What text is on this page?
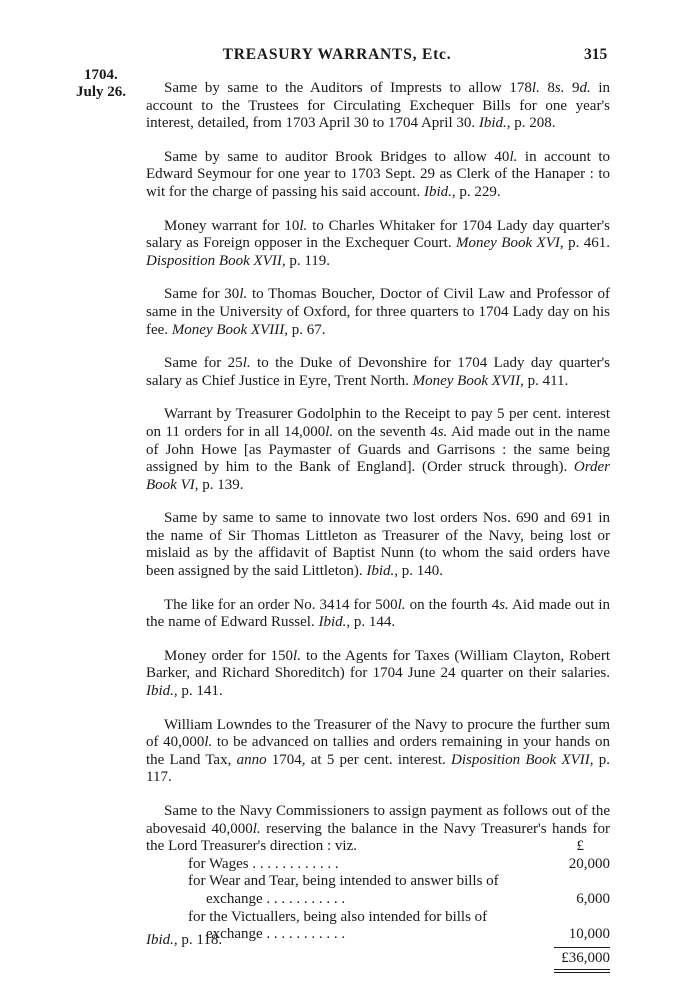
TREASURY WARRANTS, Etc.	315
1704.
July 26.	Same by same to the Auditors of Imprests to allow 178l. 8s. 9d. in account to the Trustees for Circulating Exchequer Bills for one year's interest, detailed, from 1703 April 30 to 1704 April 30. Ibid., p. 208.

Same by same to auditor Brook Bridges to allow 40l. in account to Edward Seymour for one year to 1703 Sept. 29 as Clerk of the Hanaper : to wit for the charge of passing his said account. Ibid., p. 229.

Money warrant for 10l. to Charles Whitaker for 1704 Lady day quarter's salary as Foreign opposer in the Exchequer Court. Money Book XVI, p. 461. Disposition Book XVII, p. 119.

Same for 30l. to Thomas Boucher, Doctor of Civil Law and Professor of same in the University of Oxford, for three quarters to 1704 Lady day on his fee. Money Book XVIII, p. 67.

Same for 25l. to the Duke of Devonshire for 1704 Lady day quarter's salary as Chief Justice in Eyre, Trent North. Money Book XVII, p. 411.

Warrant by Treasurer Godolphin to the Receipt to pay 5 per cent. interest on 11 orders for in all 14,000l. on the seventh 4s. Aid made out in the name of John Howe [as Paymaster of Guards and Garrisons : the same being assigned by him to the Bank of England]. (Order struck through). Order Book VI, p. 139.

Same by same to same to innovate two lost orders Nos. 690 and 691 in the name of Sir Thomas Littleton as Treasurer of the Navy, being lost or mislaid as by the affidavit of Baptist Nunn (to whom the said orders have been assigned by the said Littleton). Ibid., p. 140.

The like for an order No. 3414 for 500l. on the fourth 4s. Aid made out in the name of Edward Russel. Ibid., p. 144.

Money order for 150l. to the Agents for Taxes (William Clayton, Robert Barker, and Richard Shoreditch) for 1704 June 24 quarter on their salaries. Ibid., p. 141.

William Lowndes to the Treasurer of the Navy to procure the further sum of 40,000l. to be advanced on tallies and orders remaining in your hands on the Land Tax, anno 1704, at 5 per cent. interest. Disposition Book XVII, p. 117.

Same to the Navy Commissioners to assign payment as follows out of the abovesaid 40,000l. reserving the balance in the Navy Treasurer's hands for the Lord Treasurer's direction : viz.	£
for Wages . . . . . . . . . . . .	20,000
for Wear and Tear, being intended to answer bills of
exchange . . . . . . . . . . .	6,000
for the Victuallers, being also intended for bills of
exchange . . . . . . . . . . .	10,000
£36,000
Ibid., p. 118.
